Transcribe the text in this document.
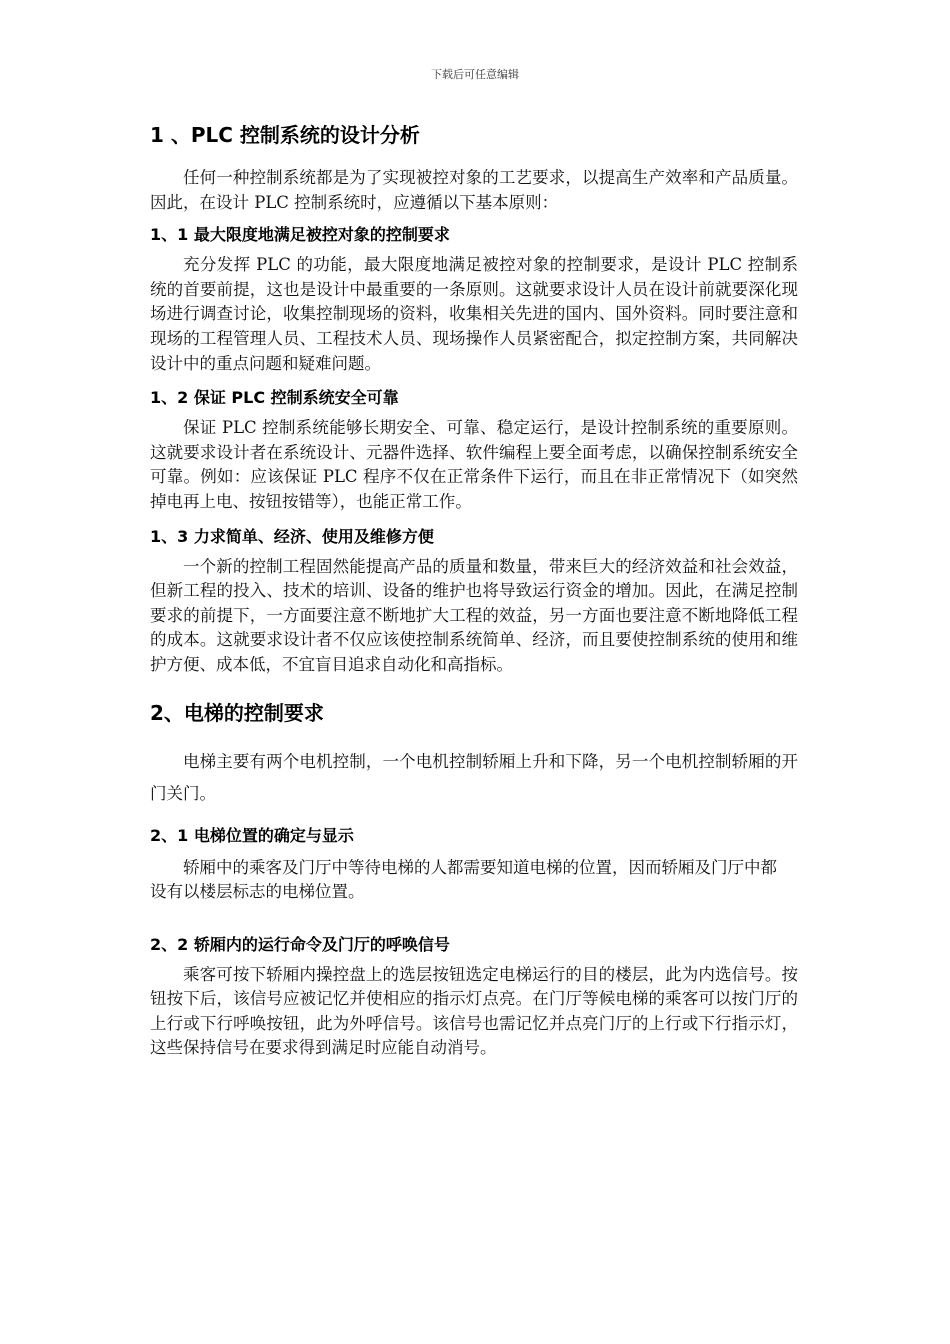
下载后可任意编辑
1 、PLC 控制系统的设计分析

任何一种控制系统都是为了实现被控对象的工艺要求，以提高生产效率和产品质量。因此，在设计 PLC 控制系统时，应遵循以下基本原则：

1、1 最大限度地满足被控对象的控制要求

充分发挥 PLC 的功能，最大限度地满足被控对象的控制要求，是设计 PLC 控制系统的首要前提，这也是设计中最重要的一条原则。这就要求设计人员在设计前就要深化现场进行调查讨论，收集控制现场的资料，收集相关先进的国内、国外资料。同时要注意和现场的工程管理人员、工程技术人员、现场操作人员紧密配合，拟定控制方案，共同解决设计中的重点问题和疑难问题。

1、2 保证 PLC 控制系统安全可靠

保证 PLC 控制系统能够长期安全、可靠、稳定运行，是设计控制系统的重要原则。这就要求设计者在系统设计、元器件选择、软件编程上要全面考虑，以确保控制系统安全可靠。例如：应该保证 PLC 程序不仅在正常条件下运行，而且在非正常情况下（如突然掉电再上电、按钮按错等），也能正常工作。

1、3 力求简单、经济、使用及维修方便

一个新的控制工程固然能提高产品的质量和数量，带来巨大的经济效益和社会效益，但新工程的投入、技术的培训、设备的维护也将导致运行资金的增加。因此，在满足控制要求的前提下，一方面要注意不断地扩大工程的效益，另一方面也要注意不断地降低工程的成本。这就要求设计者不仅应该使控制系统简单、经济，而且要使控制系统的使用和维护方便、成本低，不宜盲目追求自动化和高指标。

2、电梯的控制要求

电梯主要有两个电机控制，一个电机控制轿厢上升和下降，另一个电机控制轿厢的开门关门。

2、1 电梯位置的确定与显示

轿厢中的乘客及门厅中等待电梯的人都需要知道电梯的位置，因而轿厢及门厅中都

设有以楼层标志的电梯位置。

2、2 轿厢内的运行命令及门厅的呼唤信号

乘客可按下轿厢内操控盘上的选层按钮选定电梯运行的目的楼层，此为内选信号。按钮按下后，该信号应被记忆并使相应的指示灯点亮。在门厅等候电梯的乘客可以按门厅的上行或下行呼唤按钮，此为外呼信号。该信号也需记忆并点亮门厅的上行或下行指示灯，这些保持信号在要求得到满足时应能自动消号。
